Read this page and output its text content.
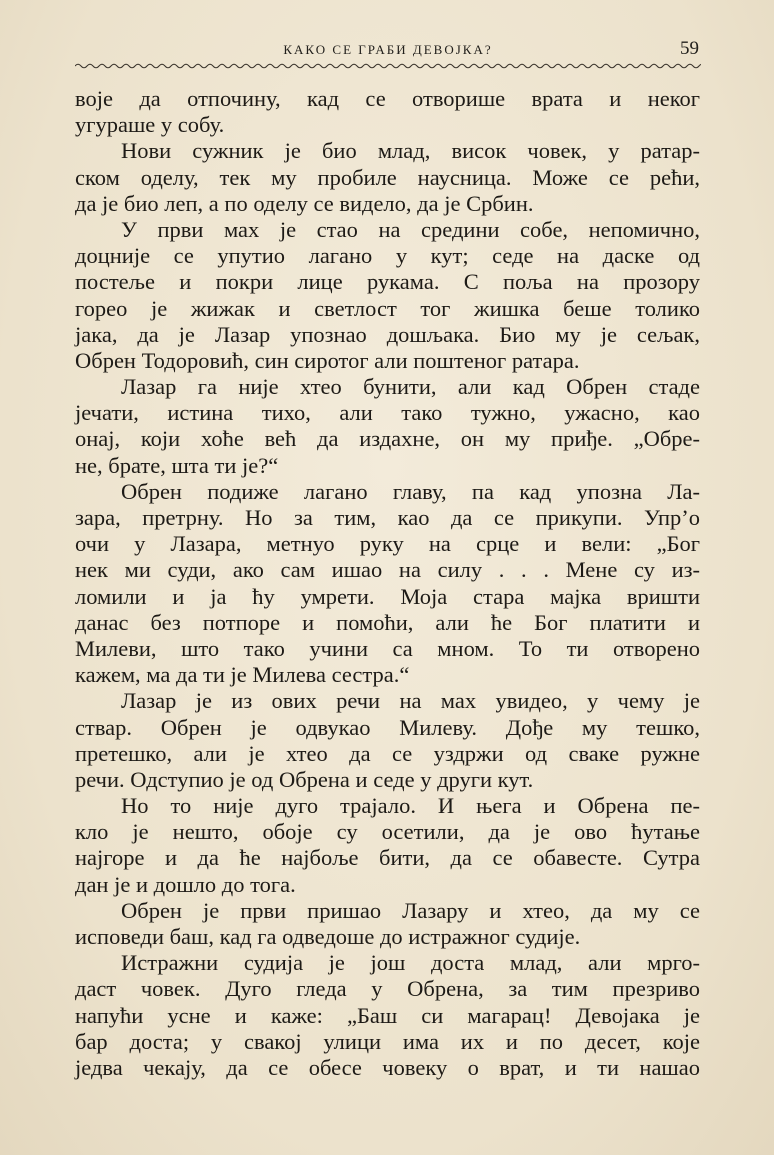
КАКО СЕ ГРАБИ ДЕВОЈКА?	59
воје да отпочину, кад се отворише врата и неког
угураше у собу.
Нови сужник је био млад, висок човек, у ратар-
ском оделу, тек му пробиле наусница. Може се рећи,
да је био леп, а по оделу се видело, да је Србин.
У први мах је стао на средини собе, непомично,
доцније се упутио лагано у кут; седе на даске од
постеље и покри лице рукама. С поља на прозору
гореo је жижак и светлост тог жишка беше толико
јака, да је Лазар упознао дошљака. Био му је сељак,
Обрен Тодоровић, син сиротог али поштеног ратара.
Лазар га није хтео бунити, али кад Обрен стаде
јечати, истина тихо, али тако тужно, ужасно, као
онај, који хоће већ да издахне, он му приђе. „Обре-
не, брате, шта ти је?“
Обрен подиже лагано главу, па кад упозна Ла-
зара, претрну. Но за тим, као да се прикупи. Упр’о
очи у Лазара, метнуо руку на срце и вели: „Бог
нек ми суди, ако сам ишао на силу . . . Мене су из-
ломили и ја ћу умрети. Моја стара мајка вришти
данас без потпоре и помоћи, али ће Бог платити и
Милеви, што тако учини са мном. То ти отворено
кажем, ма да ти је Милева сестра.“
Лазар је из ових речи на мах увидео, у чему је
ствар. Обрен је одвукао Милеву. Дође му тешко,
претешко, али је хтео да се уздржи од сваке ружне
речи. Одступио је од Обрена и седе у други кут.
Но то није дуго трајало. И њега и Обрена пе-
кло је нешто, обоје су осетили, да је ово ћутање
најгоре и да ће најбоље бити, да се обавесте. Сутра
дан је и дошло до тога.
Обрен је први пришао Лазару и хтео, да му се
исповеди баш, кад га одведоше до истражног судије.
Истражни судија је још доста млад, али мрго-
даст човек. Дуго гледа у Обрена, за тим презриво
напући усне и каже: „Баш си магарац! Девојака је
бар доста; у свакој улици има их и по десет, које
једва чекају, да се обесе човеку о врат, и ти нашао
